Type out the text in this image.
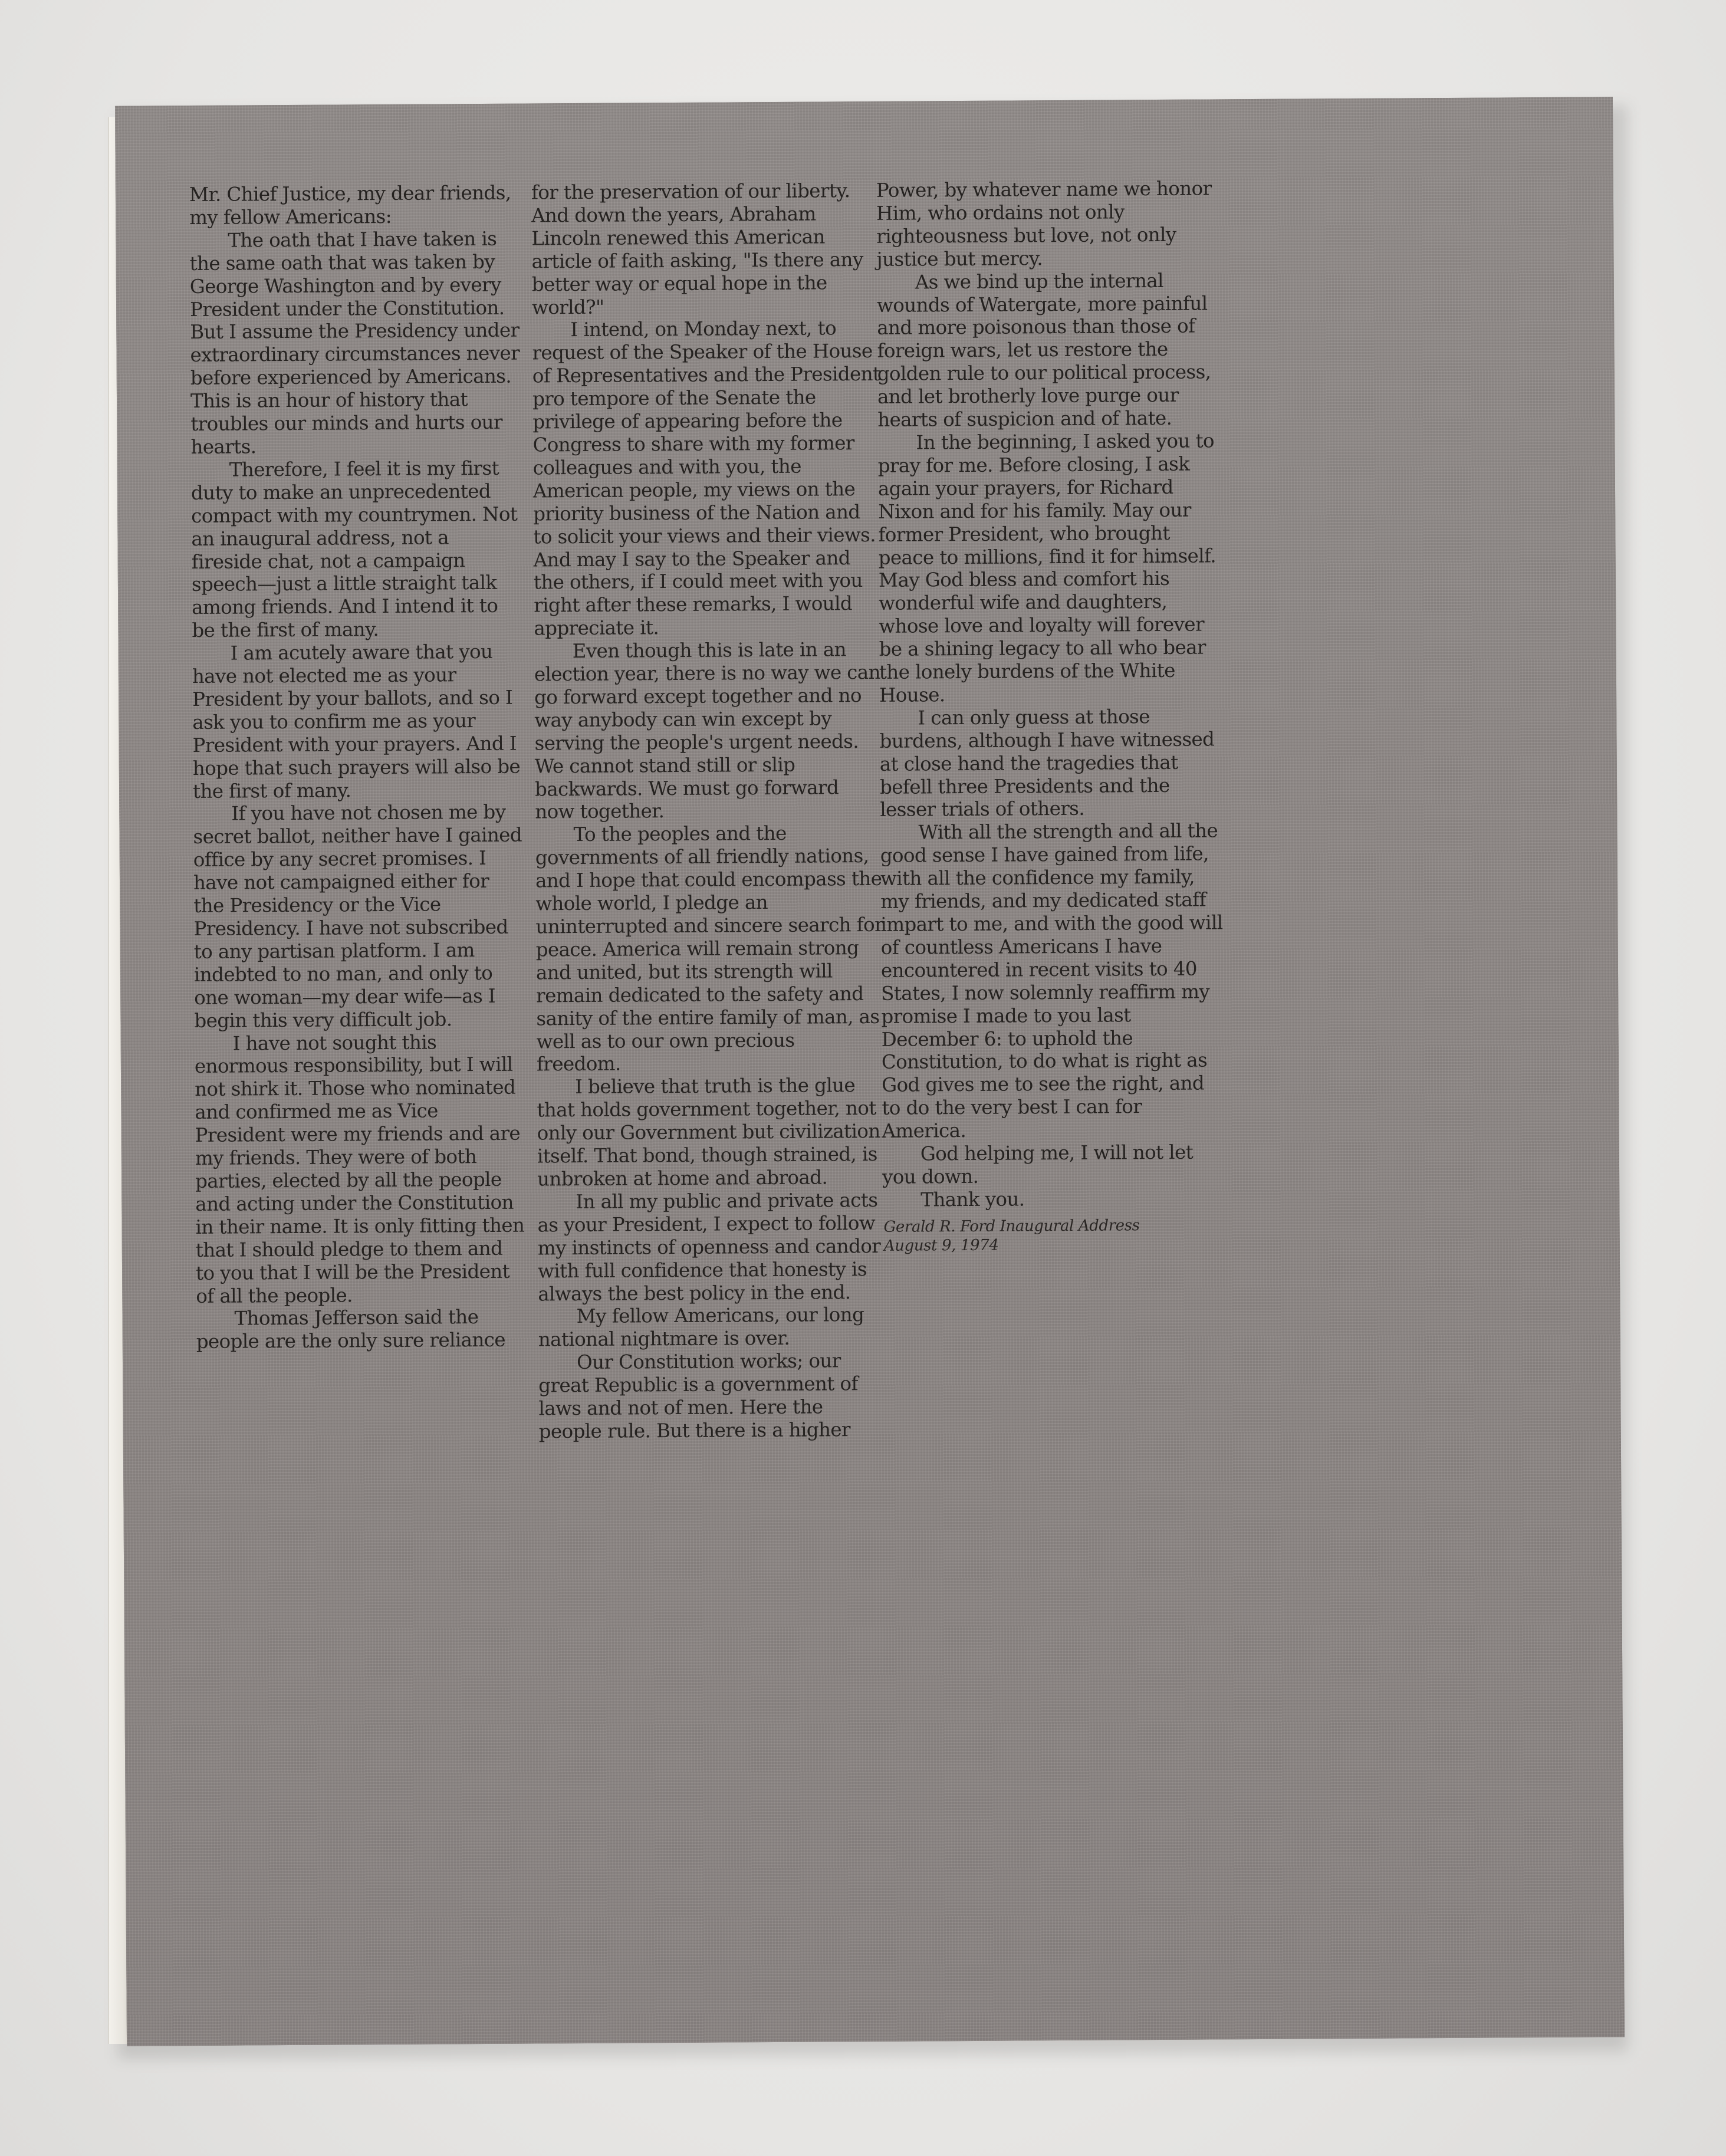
Mr. Chief Justice, my dear friends, my fellow Americans:

The oath that I have taken is the same oath that was taken by George Washington and by every President under the Constitution. But I assume the Presidency under extraordinary circumstances never before experienced by Americans. This is an hour of history that troubles our minds and hurts our hearts.

Therefore, I feel it is my first duty to make an unprecedented compact with my countrymen. Not an inaugural address, not a fireside chat, not a campaign speech—just a little straight talk among friends. And I intend it to be the first of many.

I am acutely aware that you have not elected me as your President by your ballots, and so I ask you to confirm me as your President with your prayers. And I hope that such prayers will also be the first of many.

If you have not chosen me by secret ballot, neither have I gained office by any secret promises. I have not campaigned either for the Presidency or the Vice Presidency. I have not subscribed to any partisan platform. I am indebted to no man, and only to one woman—my dear wife—as I begin this very difficult job.

I have not sought this enormous responsibility, but I will not shirk it. Those who nominated and confirmed me as Vice President were my friends and are my friends. They were of both parties, elected by all the people and acting under the Constitution in their name. It is only fitting then that I should pledge to them and to you that I will be the President of all the people.

Thomas Jefferson said the people are the only sure reliance

for the preservation of our liberty. And down the years, Abraham Lincoln renewed this American article of faith asking, "Is there any better way or equal hope in the world?"

I intend, on Monday next, to request of the Speaker of the House of Representatives and the President pro tempore of the Senate the privilege of appearing before the Congress to share with my former colleagues and with you, the American people, my views on the priority business of the Nation and to solicit your views and their views. And may I say to the Speaker and the others, if I could meet with you right after these remarks, I would appreciate it.

Even though this is late in an election year, there is no way we can go forward except together and no way anybody can win except by serving the people's urgent needs. We cannot stand still or slip backwards. We must go forward now together.

To the peoples and the governments of all friendly nations, and I hope that could encompass the whole world, I pledge an uninterrupted and sincere search for peace. America will remain strong and united, but its strength will remain dedicated to the safety and sanity of the entire family of man, as well as to our own precious freedom.

I believe that truth is the glue that holds government together, not only our Government but civilization itself. That bond, though strained, is unbroken at home and abroad.

In all my public and private acts as your President, I expect to follow my instincts of openness and candor with full confidence that honesty is always the best policy in the end.

My fellow Americans, our long national nightmare is over.

Our Constitution works; our great Republic is a government of laws and not of men. Here the people rule. But there is a higher

Power, by whatever name we honor Him, who ordains not only righteousness but love, not only justice but mercy.

As we bind up the internal wounds of Watergate, more painful and more poisonous than those of foreign wars, let us restore the golden rule to our political process, and let brotherly love purge our hearts of suspicion and of hate.

In the beginning, I asked you to pray for me. Before closing, I ask again your prayers, for Richard Nixon and for his family. May our former President, who brought peace to millions, find it for himself. May God bless and comfort his wonderful wife and daughters, whose love and loyalty will forever be a shining legacy to all who bear the lonely burdens of the White House.

I can only guess at those burdens, although I have witnessed at close hand the tragedies that befell three Presidents and the lesser trials of others.

With all the strength and all the good sense I have gained from life, with all the confidence my family, my friends, and my dedicated staff impart to me, and with the good will of countless Americans I have encountered in recent visits to 40 States, I now solemnly reaffirm my promise I made to you last December 6: to uphold the Constitution, to do what is right as God gives me to see the right, and to do the very best I can for America.

God helping me, I will not let you down.

Thank you.

Gerald R. Ford Inaugural Address
August 9, 1974
